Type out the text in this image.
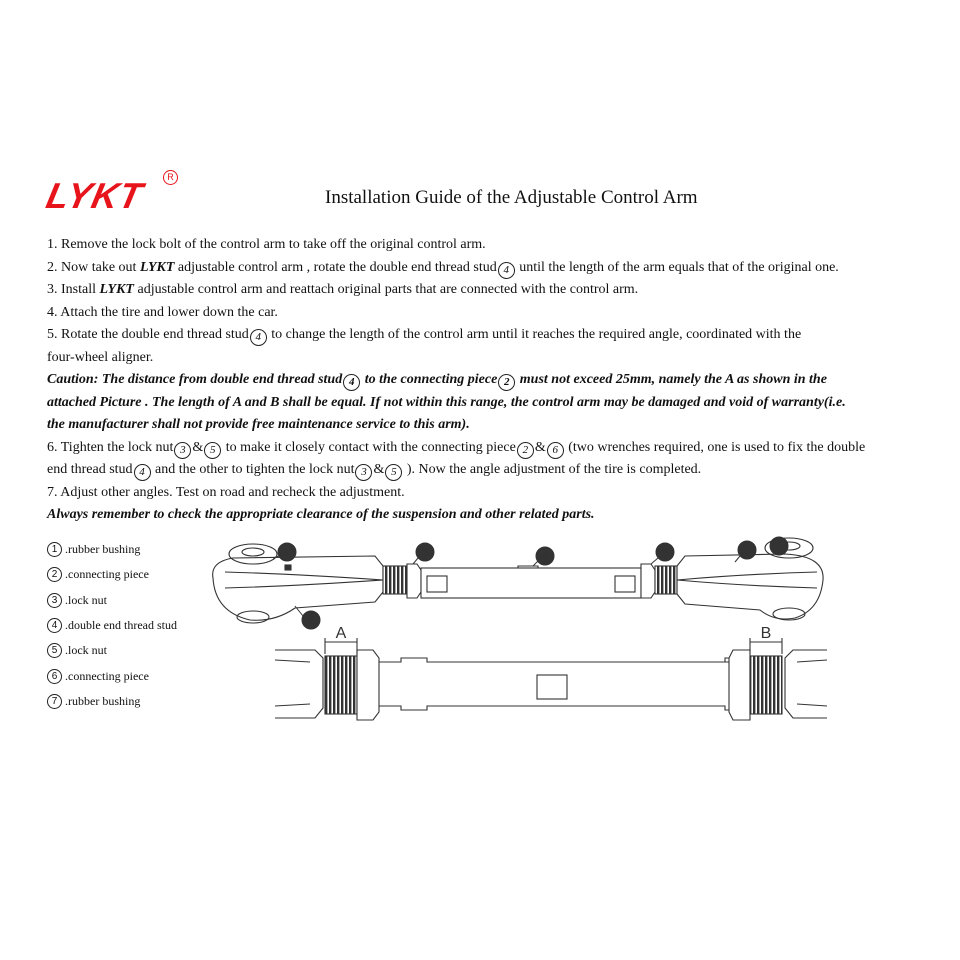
LYKT	R
Installation Guide of the Adjustable Control Arm
1. Remove the lock bolt of the control arm to take off the original control arm.
2. Now take out LYKT adjustable control arm , rotate the double end thread stud 4 until the length of the arm equals that of the original one.
3. Install LYKT adjustable control arm and reattach original parts that are connected with the control arm.
4. Attach the tire and lower down the car.
5. Rotate the double end thread stud 4 to change the length of the control arm until it reaches the required angle, coordinated with the
four-wheel aligner.
Caution: The distance from double end thread stud 4 to the connecting piece 2 must not exceed 25mm, namely the A as shown in the
attached Picture . The length of A and B shall be equal. If not within this range, the control arm may be damaged and void of warranty(i.e.
the manufacturer shall not provide free maintenance service to this arm).
6. Tighten the lock nut 3 & 5 to make it closely contact with the connecting piece 2 & 6 (two wrenches required, one is used to fix the double
end thread stud 4 and the other to tighten the lock nut 3 & 5 ). Now the angle adjustment of the tire is completed.
7. Adjust other angles. Test on road and recheck the adjustment.
Always remember to check the appropriate clearance of the suspension and other related parts.
1 .rubber bushing
2 .connecting piece
3 .lock nut
4 .double end thread stud
5 .lock nut
6 .connecting piece
7 .rubber bushing
1
2
3	4	5	6 7
A	B
